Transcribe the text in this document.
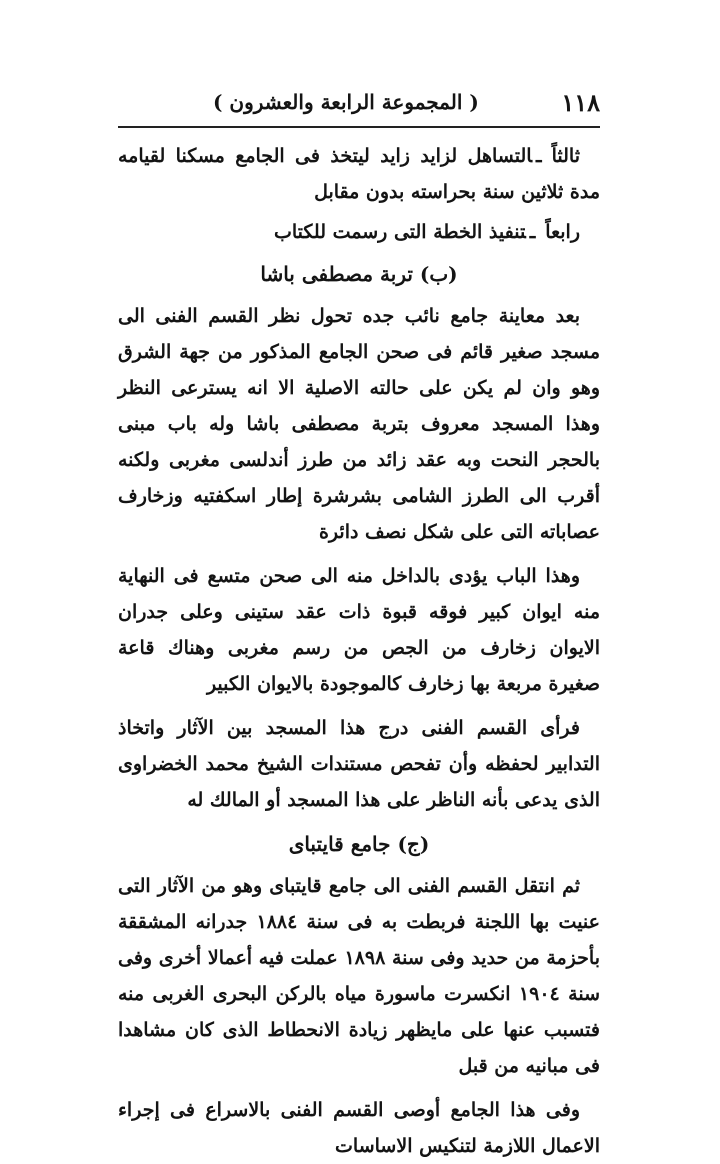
١١٨
( المجموعة الرابعة والعشرون )

ثالثاًـالتساهل لزايد زايد ليتخذ فى الجامع مسكنا لقيامه مدة ثلاثين سنة بحراسته بدون مقابل

رابعاًـتنفيذ الخطة التى رسمت للكتاب

(ب) تربة مصطفى باشا

بعد معاينة جامع نائب جده تحول نظر القسم الفنى الى مسجد صغير قائم فى صحن الجامع المذكور من جهة الشرق وهو وان لم يكن على حالته الاصلية الا انه يسترعى النظر وهذا المسجد معروف بتربة مصطفى باشا وله باب مبنى بالحجر النحت وبه عقد زائد من طرز أندلسى مغربى ولكنه أقرب الى الطرز الشامى بشرشرة إطار اسكفتيه وزخارف عصاباته التى على شكل نصف دائرة

وهذا الباب يؤدى بالداخل منه الى صحن متسع فى النهاية منه ايوان كبير فوقه قبوة ذات عقد ستينى وعلى جدران الايوان زخارف من الجص من رسم مغربى وهناك قاعة صغيرة مربعة بها زخارف كالموجودة بالايوان الكبير

فرأى القسم الفنى درج هذا المسجد بين الآثار واتخاذ التدابير لحفظه وأن تفحص مستندات الشيخ محمد الخضراوى الذى يدعى بأنه الناظر على هذا المسجد أو المالك له

(ج) جامع قايتباى

ثم انتقل القسم الفنى الى جامع قايتباى وهو من الآثار التى عنيت بها اللجنة فربطت به فى سنة ١٨٨٤ جدرانه المشققة بأحزمة من حديد وفى سنة ١٨٩٨ عملت فيه أعمالا أخرى وفى سنة ١٩٠٤ انكسرت ماسورة مياه بالركن البحرى الغربى منه فتسبب عنها على مايظهر زيادة الانحطاط الذى كان مشاهدا فى مبانيه من قبل

وفى هذا الجامع أوصى القسم الفنى بالاسراع فى إجراء الاعمال اللازمة لتنكيس الاساسات
